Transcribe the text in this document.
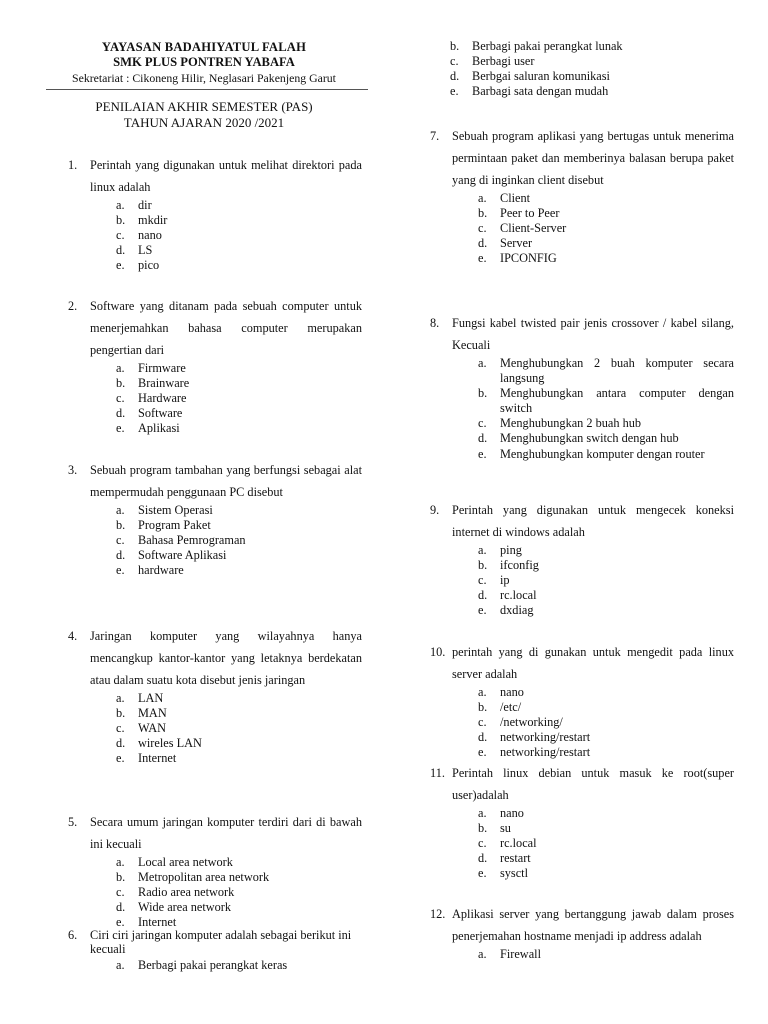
YAYASAN BADAHIYATUL FALAH
SMK PLUS PONTREN YABAFA
Sekretariat : Cikoneng Hilir, Neglasari Pakenjeng Garut
PENILAIAN AKHIR SEMESTER (PAS)
TAHUN AJARAN 2020 /2021
1. Perintah yang digunakan untuk melihat direktori pada linux adalah
a. dir
b. mkdir
c. nano
d. LS
e. pico
2. Software yang ditanam pada sebuah computer untuk menerjemahkan bahasa computer merupakan pengertian dari
a. Firmware
b. Brainware
c. Hardware
d. Software
e. Aplikasi
3. Sebuah program tambahan yang berfungsi sebagai alat mempermudah penggunaan PC disebut
a. Sistem Operasi
b. Program Paket
c. Bahasa Pemrograman
d. Software Aplikasi
e. hardware
4. Jaringan komputer yang wilayahnya hanya mencangkup kantor-kantor yang letaknya berdekatan atau dalam suatu kota disebut jenis jaringan
a. LAN
b. MAN
c. WAN
d. wireles LAN
e. Internet
5. Secara umum jaringan komputer terdiri dari di bawah ini kecuali
a. Local area network
b. Metropolitan area network
c. Radio area network
d. Wide area network
e. Internet
6. Ciri ciri jaringan komputer adalah sebagai berikut ini kecuali
a. Berbagi pakai perangkat keras
b. Berbagi pakai perangkat lunak
c. Berbagi user
d. Berbgai saluran komunikasi
e. Barbagi sata dengan mudah
7. Sebuah program aplikasi yang bertugas untuk menerima permintaan paket dan memberinya balasan berupa paket yang di inginkan client disebut
a. Client
b. Peer to Peer
c. Client-Server
d. Server
e. IPCONFIG
8. Fungsi kabel twisted pair jenis crossover / kabel silang, Kecuali
a. Menghubungkan 2 buah komputer secara langsung
b. Menghubungkan antara computer dengan switch
c. Menghubungkan 2 buah hub
d. Menghubungkan switch dengan hub
e. Menghubungkan komputer dengan router
9. Perintah yang digunakan untuk mengecek koneksi internet di windows adalah
a. ping
b. ifconfig
c. ip
d. rc.local
e. dxdiag
10. perintah yang di gunakan untuk mengedit pada linux server adalah
a. nano
b. /etc/
c. /networking/
d. networking/restart
e. networking/restart
11. Perintah linux debian untuk masuk ke root(super user)adalah
a. nano
b. su
c. rc.local
d. restart
e. sysctl
12. Aplikasi server yang bertanggung jawab dalam proses penerjemahan hostname menjadi ip address adalah
a. Firewall
